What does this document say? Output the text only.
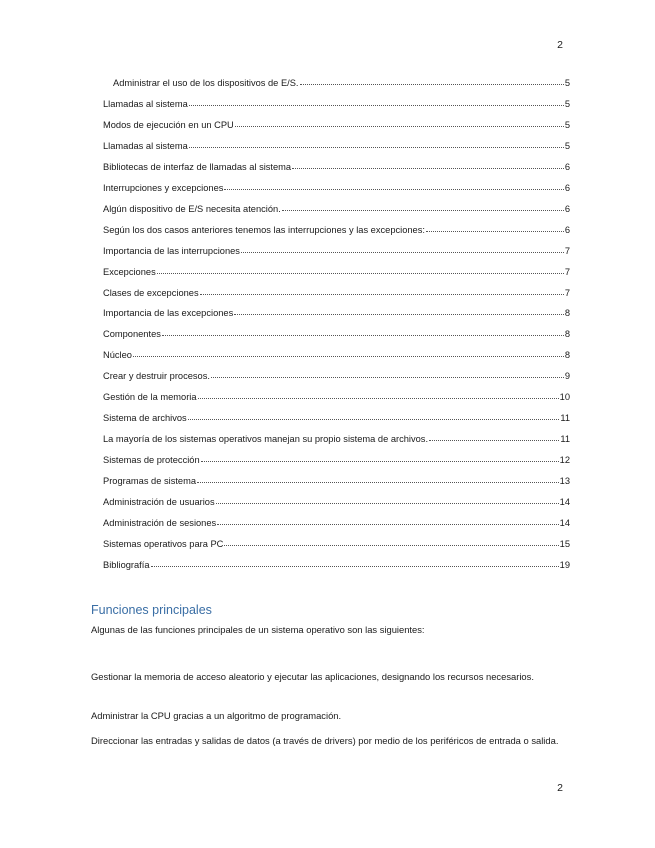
2
Administrar el uso de los dispositivos de E/S.	5
Llamadas al sistema	5
Modos de ejecución en un CPU	5
Llamadas al sistema	5
Bibliotecas de interfaz de llamadas al sistema	6
Interrupciones y excepciones	6
Algún dispositivo de E/S necesita atención.	6
Según los dos casos anteriores tenemos las interrupciones y las excepciones:	6
Importancia de las interrupciones	7
Excepciones	7
Clases de excepciones	7
Importancia de las excepciones	8
Componentes	8
Núcleo	8
Crear y destruir procesos.	9
Gestión de la memoria	10
Sistema de archivos	11
La mayoría de los sistemas operativos manejan su propio sistema de archivos.	11
Sistemas de protección	12
Programas de sistema	13
Administración de usuarios	14
Administración de sesiones	14
Sistemas operativos para PC	15
Bibliografía	19
Funciones principales
Algunas de las funciones principales de un sistema operativo son las siguientes:
Gestionar la memoria de acceso aleatorio y ejecutar las aplicaciones, designando los recursos necesarios.
Administrar la CPU gracias a un algoritmo de programación.
Direccionar las entradas y salidas de datos (a través de drivers) por medio de los periféricos de entrada o salida.
2
